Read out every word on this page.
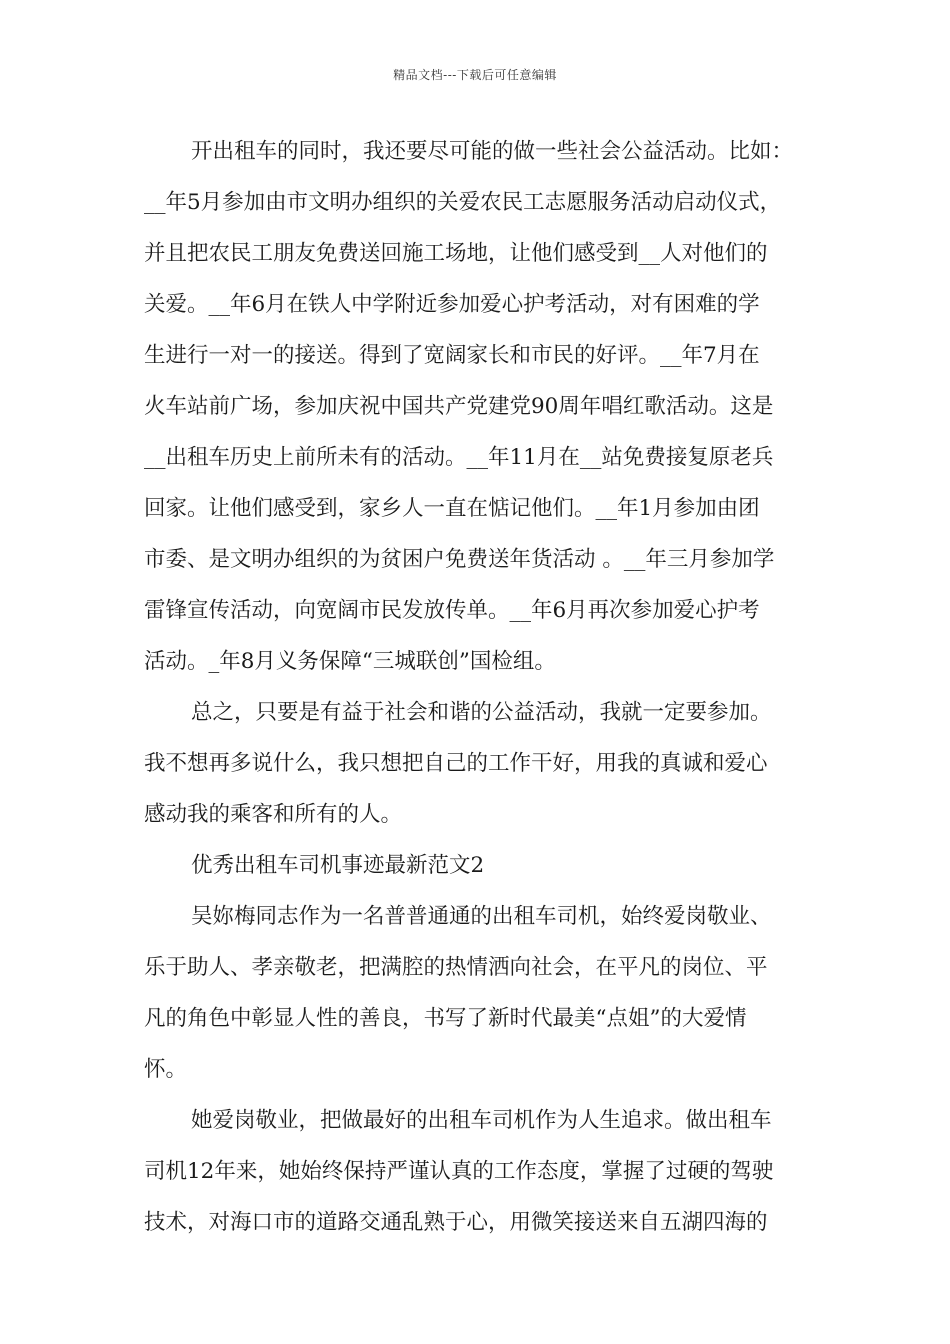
精品文档---下载后可任意编辑
开出租车的同时，我还要尽可能的做一些社会公益活动。比如：
__年5月参加由市文明办组织的关爱农民工志愿服务活动启动仪式，
并且把农民工朋友免费送回施工场地，让他们感受到__人对他们的
关爱。__年6月在铁人中学附近参加爱心护考活动，对有困难的学
生进行一对一的接送。得到了宽阔家长和市民的好评。__年7月在
火车站前广场，参加庆祝中国共产党建党90周年唱红歌活动。这是
__出租车历史上前所未有的活动。__年11月在__站免费接复原老兵
回家。让他们感受到，家乡人一直在惦记他们。__年1月参加由团
市委、是文明办组织的为贫困户免费送年货活动 。__年三月参加学
雷锋宣传活动，向宽阔市民发放传单。__年6月再次参加爱心护考
活动。_年8月义务保障“三城联创”国检组。
总之，只要是有益于社会和谐的公益活动，我就一定要参加。
我不想再多说什么，我只想把自己的工作干好，用我的真诚和爱心
感动我的乘客和所有的人。
优秀出租车司机事迹最新范文2
吴妳梅同志作为一名普普通通的出租车司机，始终爱岗敬业、
乐于助人、孝亲敬老，把满腔的热情洒向社会，在平凡的岗位、平
凡的角色中彰显人性的善良，书写了新时代最美“点姐”的大爱情
怀。
她爱岗敬业，把做最好的出租车司机作为人生追求。做出租车
司机12年来，她始终保持严谨认真的工作态度，掌握了过硬的驾驶
技术，对海口市的道路交通乱熟于心，用微笑接送来自五湖四海的
